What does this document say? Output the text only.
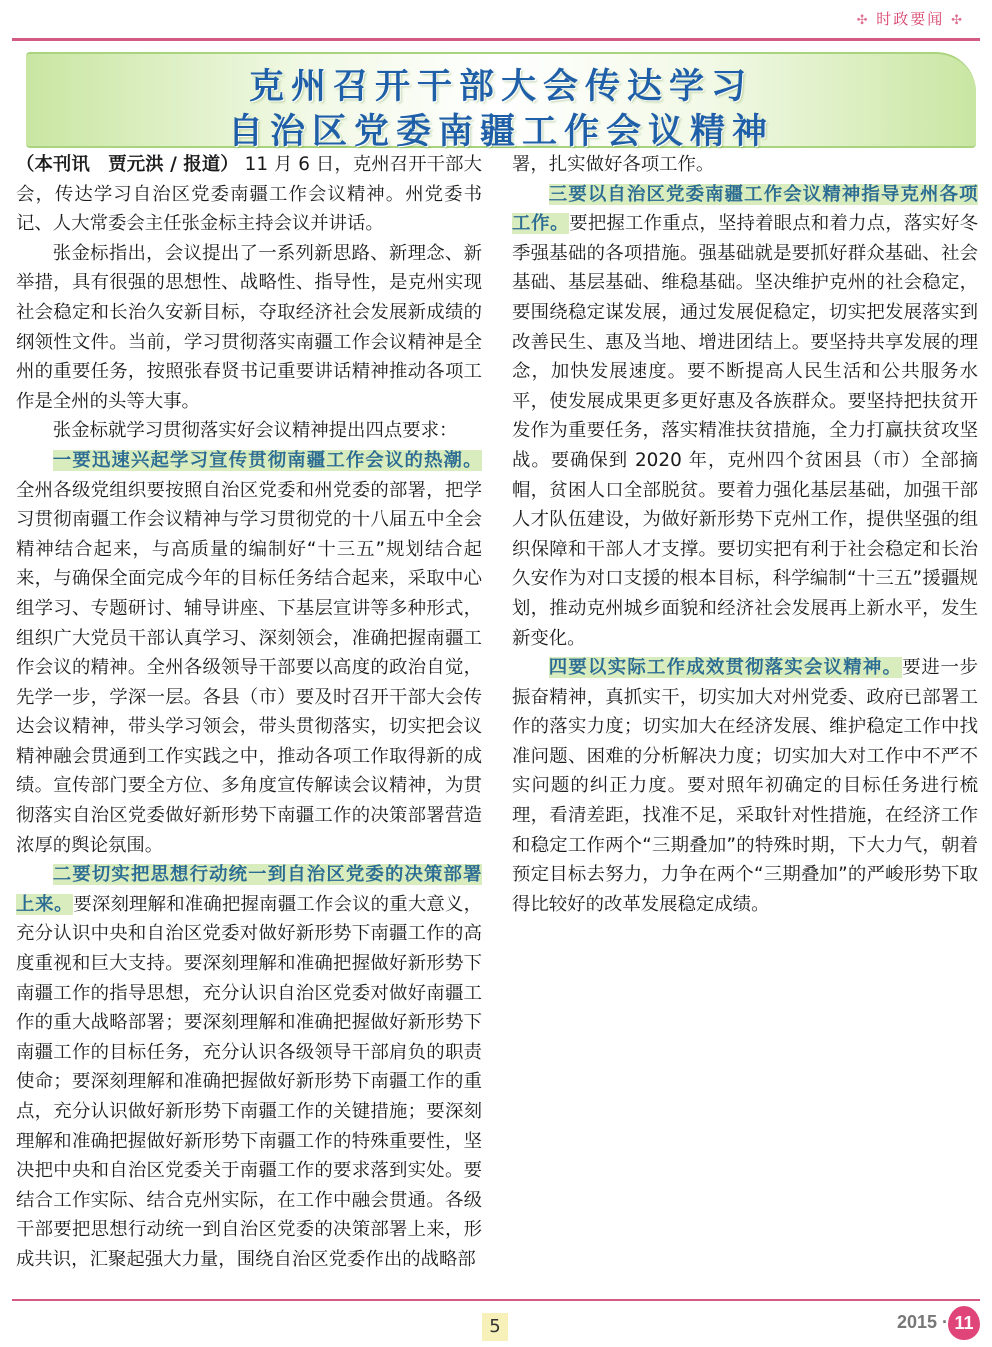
✣ 时政要闻 ✣
克州召开干部大会传达学习
自治区党委南疆工作会议精神

（本刊讯　贾元洪 / 报道） 11 月 6 日，克州召开干部大会，传达学习自治区党委南疆工作会议精神。州党委书记、人大常委会主任张金标主持会议并讲话。

张金标指出，会议提出了一系列新思路、新理念、新举措，具有很强的思想性、战略性、指导性，是克州实现社会稳定和长治久安新目标，夺取经济社会发展新成绩的纲领性文件。当前，学习贯彻落实南疆工作会议精神是全州的重要任务，按照张春贤书记重要讲话精神推动各项工作是全州的头等大事。

张金标就学习贯彻落实好会议精神提出四点要求：

一要迅速兴起学习宣传贯彻南疆工作会议的热潮。全州各级党组织要按照自治区党委和州党委的部署，把学习贯彻南疆工作会议精神与学习贯彻党的十八届五中全会精神结合起来，与高质量的编制好“十三五”规划结合起来，与确保全面完成今年的目标任务结合起来，采取中心组学习、专题研讨、辅导讲座、下基层宣讲等多种形式，组织广大党员干部认真学习、深刻领会，准确把握南疆工作会议的精神。全州各级领导干部要以高度的政治自觉，先学一步，学深一层。各县（市）要及时召开干部大会传达会议精神，带头学习领会，带头贯彻落实，切实把会议精神融会贯通到工作实践之中，推动各项工作取得新的成绩。宣传部门要全方位、多角度宣传解读会议精神，为贯彻落实自治区党委做好新形势下南疆工作的决策部署营造浓厚的舆论氛围。

二要切实把思想行动统一到自治区党委的决策部署上来。要深刻理解和准确把握南疆工作会议的重大意义，充分认识中央和自治区党委对做好新形势下南疆工作的高度重视和巨大支持。要深刻理解和准确把握做好新形势下南疆工作的指导思想，充分认识自治区党委对做好南疆工作的重大战略部署；要深刻理解和准确把握做好新形势下南疆工作的目标任务，充分认识各级领导干部肩负的职责使命；要深刻理解和准确把握做好新形势下南疆工作的重点，充分认识做好新形势下南疆工作的关键措施；要深刻理解和准确把握做好新形势下南疆工作的特殊重要性，坚决把中央和自治区党委关于南疆工作的要求落到实处。要结合工作实际、结合克州实际，在工作中融会贯通。各级干部要把思想行动统一到自治区党委的决策部署上来，形成共识，汇聚起强大力量，围绕自治区党委作出的战略部

署，扎实做好各项工作。

三要以自治区党委南疆工作会议精神指导克州各项工作。要把握工作重点，坚持着眼点和着力点，落实好冬季强基础的各项措施。强基础就是要抓好群众基础、社会基础、基层基础、维稳基础。坚决维护克州的社会稳定，要围绕稳定谋发展，通过发展促稳定，切实把发展落实到改善民生、惠及当地、增进团结上。要坚持共享发展的理念，加快发展速度。要不断提高人民生活和公共服务水平，使发展成果更多更好惠及各族群众。要坚持把扶贫开发作为重要任务，落实精准扶贫措施，全力打赢扶贫攻坚战。要确保到 2020 年，克州四个贫困县（市）全部摘帽，贫困人口全部脱贫。要着力强化基层基础，加强干部人才队伍建设，为做好新形势下克州工作，提供坚强的组织保障和干部人才支撑。要切实把有利于社会稳定和长治久安作为对口支援的根本目标，科学编制“十三五”援疆规划，推动克州城乡面貌和经济社会发展再上新水平，发生新变化。

四要以实际工作成效贯彻落实会议精神。要进一步振奋精神，真抓实干，切实加大对州党委、政府已部署工作的落实力度；切实加大在经济发展、维护稳定工作中找准问题、困难的分析解决力度；切实加大对工作中不严不实问题的纠正力度。要对照年初确定的目标任务进行梳理，看清差距，找准不足，采取针对性措施，在经济工作和稳定工作两个“三期叠加”的特殊时期，下大力气，朝着预定目标去努力，力争在两个“三期叠加”的严峻形势下取得比较好的改革发展稳定成绩。

5	2015 · 11
